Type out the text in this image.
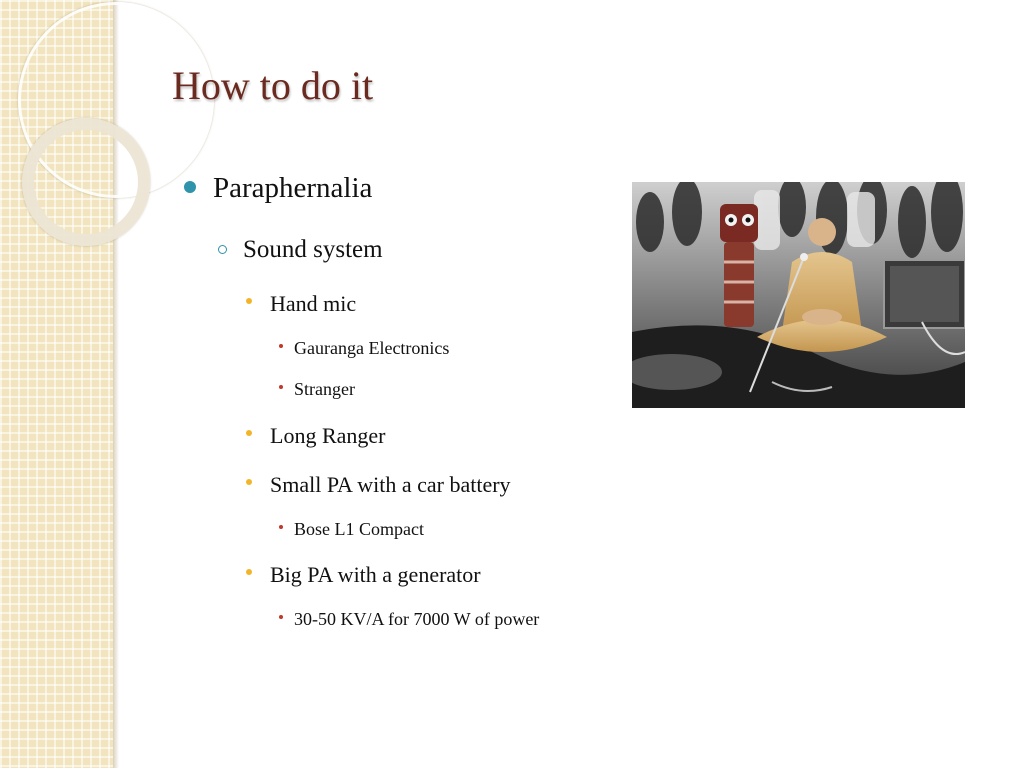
How to do it
Paraphernalia
Sound system
Hand mic
Gauranga Electronics
Stranger
Long Ranger
Small PA with a car battery
Bose L1 Compact
Big PA with a generator
30-50 KV/A for 7000 W of power
